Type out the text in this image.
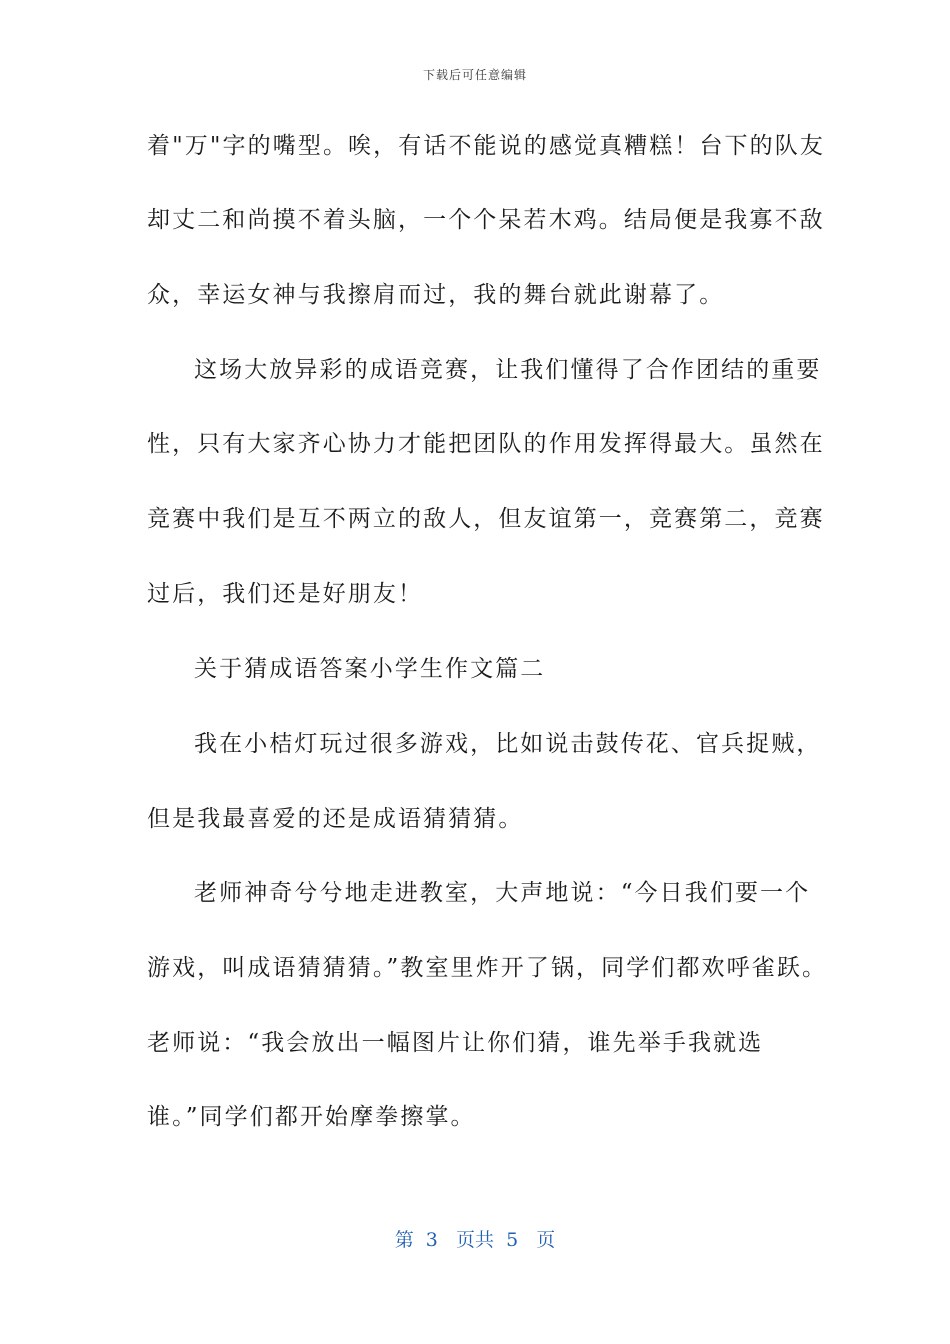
下载后可任意编辑
着"万"字的嘴型。唉，有话不能说的感觉真糟糕！台下的队友
却丈二和尚摸不着头脑，一个个呆若木鸡。结局便是我寡不敌
众，幸运女神与我擦肩而过，我的舞台就此谢幕了。
这场大放异彩的成语竞赛，让我们懂得了合作团结的重要
性，只有大家齐心协力才能把团队的作用发挥得最大。虽然在
竞赛中我们是互不两立的敌人，但友谊第一，竞赛第二，竞赛
过后，我们还是好朋友！
关于猜成语答案小学生作文篇二
我在小桔灯玩过很多游戏，比如说击鼓传花、官兵捉贼，
但是我最喜爱的还是成语猜猜猜。
老师神奇兮兮地走进教室，大声地说：“今日我们要一个
游戏，叫成语猜猜猜。”教室里炸开了锅，同学们都欢呼雀跃。
老师说：“我会放出一幅图片让你们猜，谁先举手我就选
谁。”同学们都开始摩拳擦掌。
第  3   页共  5   页
